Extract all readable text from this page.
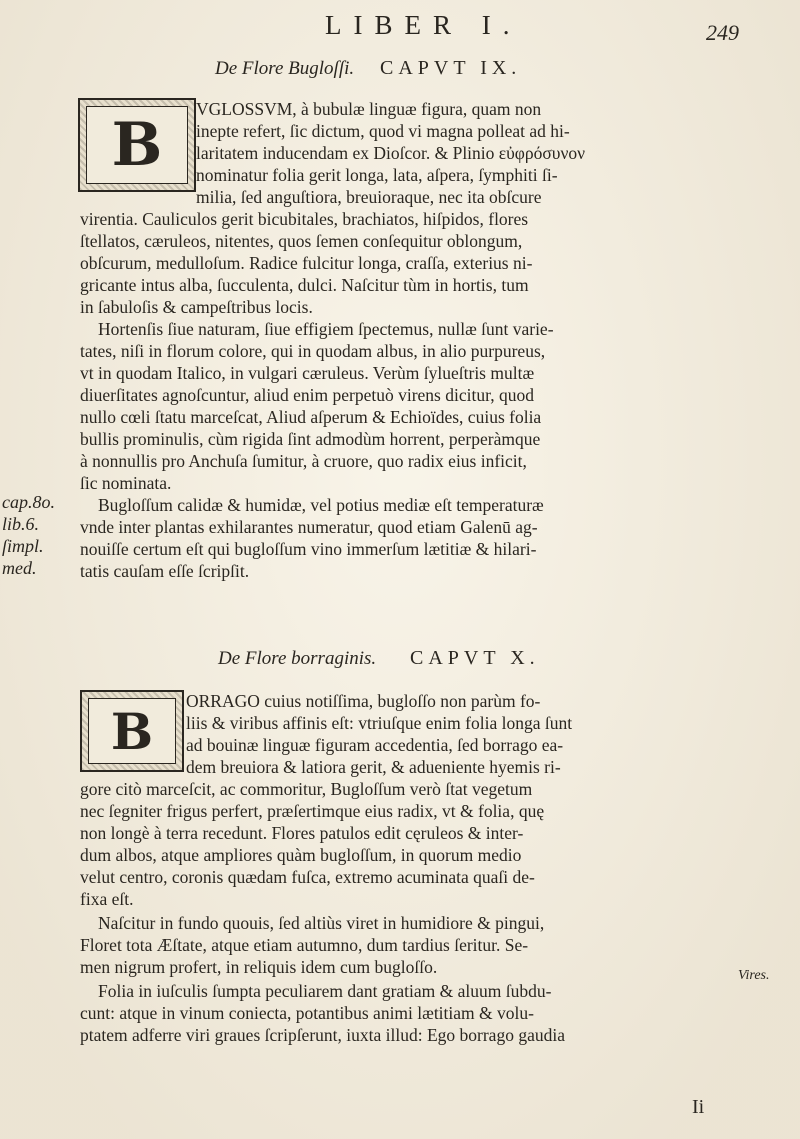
LIBER I.	249
De Flore Bugloſſi. CAPVT IX.
B
VGLOSSVM, à bubulæ linguæ figura, quam non
inepte refert, ſic dictum, quod vi magna polleat ad hi-
laritatem inducendam ex Dioſcor. & Plinio εὐφρόσυνον
nominatur folia gerit longa, lata, aſpera, ſymphiti ſi-
milia, ſed anguſtiora, breuioraque, nec ita obſcure
virentia. Cauliculos gerit bicubitales, brachiatos, hiſpidos, flores
ſtellatos, cæruleos, nitentes, quos ſemen conſequitur oblongum,
obſcurum, medulloſum. Radice fulcitur longa, craſſa, exterius ni-
gricante intus alba, ſucculenta, dulci. Naſcitur tùm in hortis, tum
in ſabuloſis & campeſtribus locis.
Hortenſis ſiue naturam, ſiue effigiem ſpectemus, nullæ ſunt varie-
tates, niſi in florum colore, qui in quodam albus, in alio purpureus,
vt in quodam Italico, in vulgari cæruleus. Verùm ſylueſtris multæ
diuerſitates agnoſcuntur, aliud enim perpetuò virens dicitur, quod
nullo cœli ſtatu marceſcat, Aliud aſperum & Echioïdes, cuius folia
bullis prominulis, cùm rigida ſint admodùm horrent, perperàmque
à nonnullis pro Anchuſa ſumitur, à cruore, quo radix eius inficit,
ſic nominata.
Bugloſſum calidæ & humidæ, vel potius mediæ eſt temperaturæ
vnde inter plantas exhilarantes numeratur, quod etiam Galenū ag-
nouiſſe certum eſt qui bugloſſum vino immerſum lætitiæ & hilari-
tatis cauſam eſſe ſcripſit.
cap.8o.
lib.6.
ſimpl.
med.
De Flore borraginis. CAPVT X.
B
ORRAGO cuius notiſſima, bugloſſo non parùm fo-
liis & viribus affinis eſt: vtriuſque enim folia longa ſunt
ad bouinæ linguæ figuram accedentia, ſed borrago ea-
dem breuiora & latiora gerit, & adueniente hyemis ri-
gore citò marceſcit, ac commoritur, Bugloſſum verò ſtat vegetum
nec ſegniter frigus perfert, præſertimque eius radix, vt & folia, quę
non longè à terra recedunt. Flores patulos edit cęruleos & inter-
dum albos, atque ampliores quàm bugloſſum, in quorum medio
velut centro, coronis quædam fuſca, extremo acuminata quaſi de-
fixa eſt.
Naſcitur in fundo quouis, ſed altiùs viret in humidiore & pingui,
Floret tota Æſtate, atque etiam autumno, dum tardius ſeritur. Se-
men nigrum profert, in reliquis idem cum bugloſſo.
Folia in iuſculis ſumpta peculiarem dant gratiam & aluum ſubdu-
cunt: atque in vinum coniecta, potantibus animi lætitiam & volu-
ptatem adferre viri graues ſcripſerunt, iuxta illud: Ego borrago gaudia
Vires.
Ii
